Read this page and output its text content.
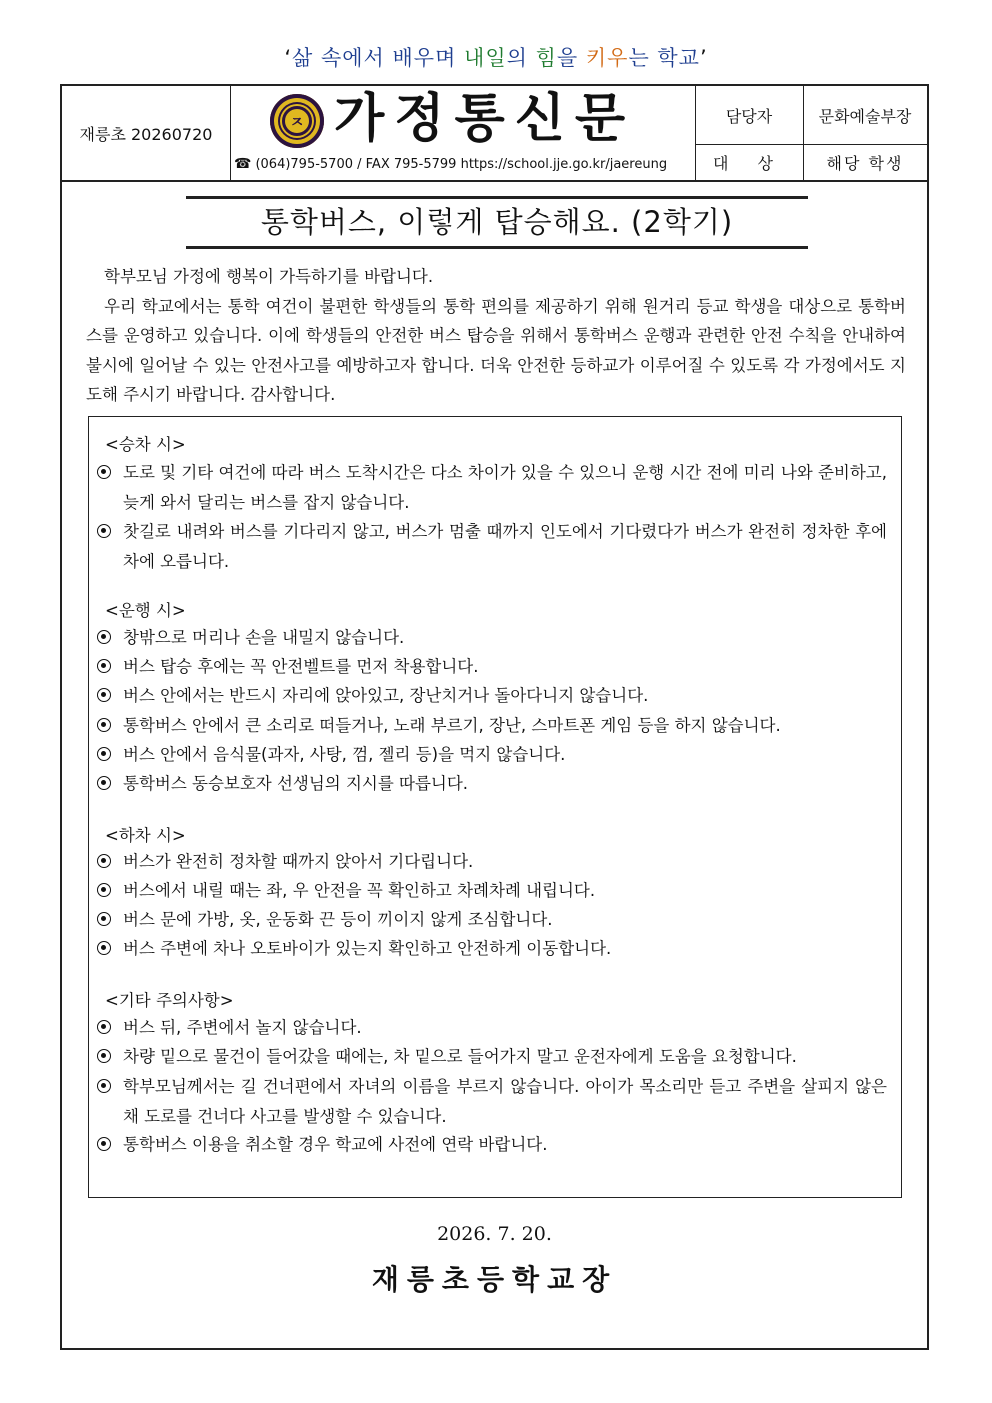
‘삶 속에서 배우며 내일의 힘을 키우는 학교’
재릉초 20260720
ㅈ 가정통신문
☎ (064)795-5700 / FAX 795-5799 https://school.jje.go.kr/jaereung
담당자	문화예술부장
대 상	해당 학생
통학버스, 이렇게 탑승해요. (2학기)

학부모님 가정에 행복이 가득하기를 바랍니다.

우리 학교에서는 통학 여건이 불편한 학생들의 통학 편의를 제공하기 위해 원거리 등교 학생을 대상으로 통학버스를 운영하고 있습니다. 이에 학생들의 안전한 버스 탑승을 위해서 통학버스 운행과 관련한 안전 수칙을 안내하여 불시에 일어날 수 있는 안전사고를 예방하고자 합니다. 더욱 안전한 등하교가 이루어질 수 있도록 각 가정에서도 지도해 주시기 바랍니다. 감사합니다.

<승차 시>
도로 및 기타 여건에 따라 버스 도착시간은 다소 차이가 있을 수 있으니 운행 시간 전에 미리 나와 준비하고, 늦게 와서 달리는 버스를 잡지 않습니다.
찻길로 내려와 버스를 기다리지 않고, 버스가 멈출 때까지 인도에서 기다렸다가 버스가 완전히 정차한 후에 차에 오릅니다.
<운행 시>
창밖으로 머리나 손을 내밀지 않습니다.
버스 탑승 후에는 꼭 안전벨트를 먼저 착용합니다.
버스 안에서는 반드시 자리에 앉아있고, 장난치거나 돌아다니지 않습니다.
통학버스 안에서 큰 소리로 떠들거나, 노래 부르기, 장난, 스마트폰 게임 등을 하지 않습니다.
버스 안에서 음식물(과자, 사탕, 껌, 젤리 등)을 먹지 않습니다.
통학버스 동승보호자 선생님의 지시를 따릅니다.
<하차 시>
버스가 완전히 정차할 때까지 앉아서 기다립니다.
버스에서 내릴 때는 좌, 우 안전을 꼭 확인하고 차례차례 내립니다.
버스 문에 가방, 옷, 운동화 끈 등이 끼이지 않게 조심합니다.
버스 주변에 차나 오토바이가 있는지 확인하고 안전하게 이동합니다.
<기타 주의사항>
버스 뒤, 주변에서 놀지 않습니다.
차량 밑으로 물건이 들어갔을 때에는, 차 밑으로 들어가지 말고 운전자에게 도움을 요청합니다.
학부모님께서는 길 건너편에서 자녀의 이름을 부르지 않습니다. 아이가 목소리만 듣고 주변을 살피지 않은 채 도로를 건너다 사고를 발생할 수 있습니다.
통학버스 이용을 취소할 경우 학교에 사전에 연락 바랍니다.
2026. 7. 20.
재릉초등학교장
